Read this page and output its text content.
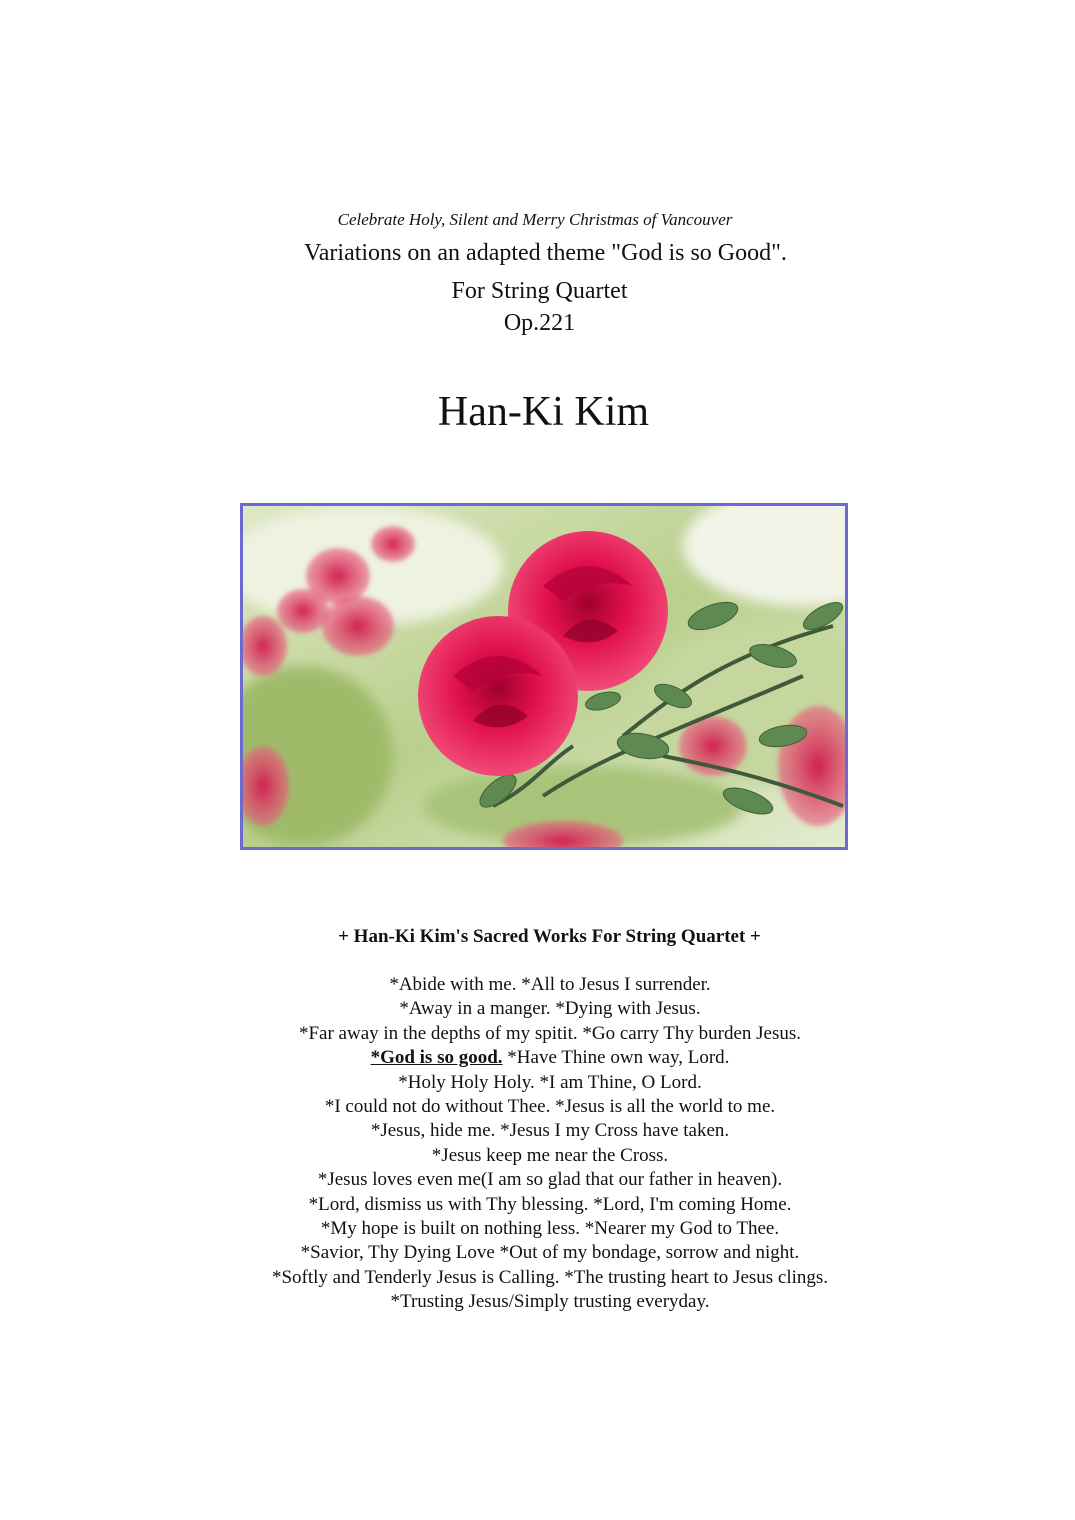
Celebrate Holy, Silent and Merry Christmas of Vancouver
Variations on an adapted theme "God is so Good".
For String Quartet
Op.221
Han-Ki Kim
+ Han-Ki Kim's Sacred Works For String Quartet +
*Abide with me. *All to Jesus I surrender.
*Away in a manger. *Dying with Jesus.
*Far away in the depths of my spitit. *Go carry Thy burden Jesus.
*God is so good. *Have Thine own way, Lord.
*Holy Holy Holy. *I am Thine, O Lord.
*I could not do without Thee. *Jesus is all the world to me.
*Jesus, hide me. *Jesus I my Cross have taken.
*Jesus keep me near the Cross.
*Jesus loves even me(I am so glad that our father in heaven).
*Lord, dismiss us with Thy blessing. *Lord, I'm coming Home.
*My hope is built on nothing less. *Nearer my God to Thee.
*Savior, Thy Dying Love *Out of my bondage, sorrow and night.
*Softly and Tenderly Jesus is Calling. *The trusting heart to Jesus clings.
*Trusting Jesus/Simply trusting everyday.
